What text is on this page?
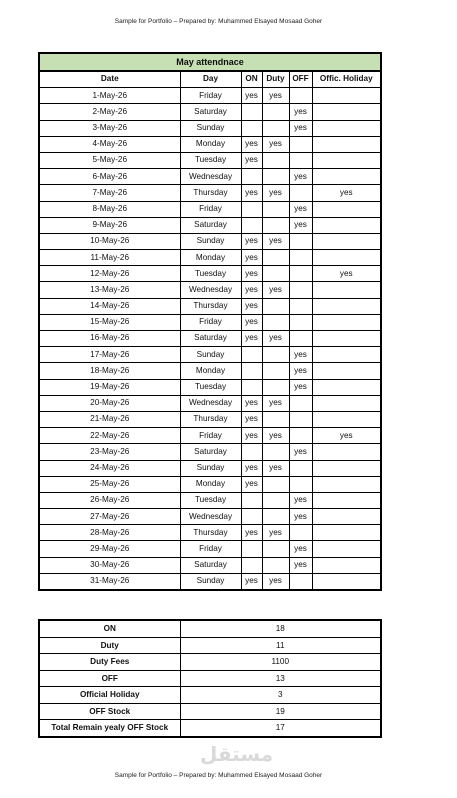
Sample for Portfolio – Prepared by: Muhammed Elsayed Mosaad Goher
May attendnace					
Date	Day	ON	Duty	OFF	Offic. Holiday
1-May-26	Friday	yes	yes		
2-May-26	Saturday			yes	
3-May-26	Sunday			yes	
4-May-26	Monday	yes	yes		
5-May-26	Tuesday	yes			
6-May-26	Wednesday			yes	
7-May-26	Thursday	yes	yes		yes
8-May-26	Friday			yes	
9-May-26	Saturday			yes	
10-May-26	Sunday	yes	yes		
11-May-26	Monday	yes			
12-May-26	Tuesday	yes			yes
13-May-26	Wednesday	yes	yes		
14-May-26	Thursday	yes			
15-May-26	Friday	yes			
16-May-26	Saturday	yes	yes		
17-May-26	Sunday			yes	
18-May-26	Monday			yes	
19-May-26	Tuesday			yes	
20-May-26	Wednesday	yes	yes		
21-May-26	Thursday	yes			
22-May-26	Friday	yes	yes		yes
23-May-26	Saturday			yes	
24-May-26	Sunday	yes	yes		
25-May-26	Monday	yes			
26-May-26	Tuesday			yes	
27-May-26	Wednesday			yes	
28-May-26	Thursday	yes	yes		
29-May-26	Friday			yes	
30-May-26	Saturday			yes	
31-May-26	Sunday	yes	yes		
ON	18
Duty	11
Duty Fees	1100
OFF	13
Official Holiday	3
OFF Stock	19
Total Remain yealy OFF Stock	17
مستقل
Sample for Portfolio – Prepared by: Muhammed Elsayed Mosaad Goher
